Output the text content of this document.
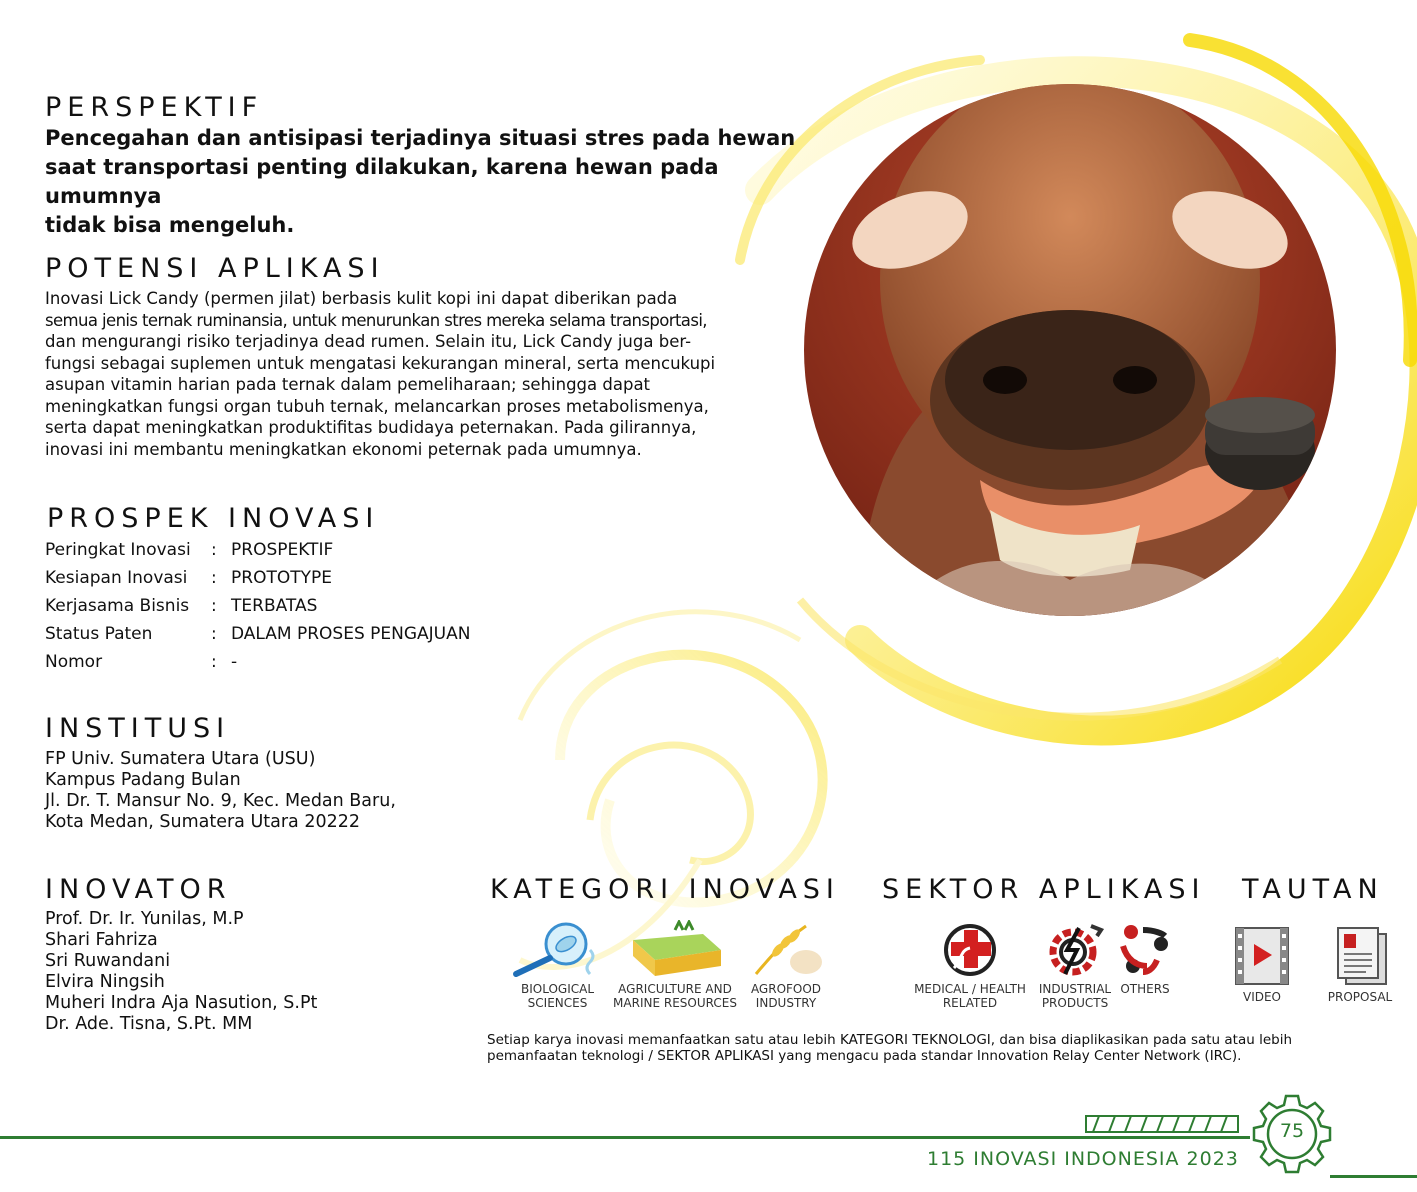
PERSPEKTIF
Pencegahan dan antisipasi terjadinya situasi stres pada hewan
saat transportasi penting dilakukan, karena hewan pada umumnya
tidak bisa mengeluh.
POTENSI APLIKASI
Inovasi Lick Candy (permen jilat) berbasis kulit kopi ini dapat diberikan pada
semua jenis ternak ruminansia, untuk menurunkan stres mereka selama transportasi,
dan mengurangi risiko terjadinya dead rumen. Selain itu, Lick Candy juga ber-
fungsi sebagai suplemen untuk mengatasi kekurangan mineral, serta mencukupi
asupan vitamin harian pada ternak dalam pemeliharaan; sehingga dapat
meningkatkan fungsi organ tubuh ternak, melancarkan proses metabolismenya,
serta dapat meningkatkan produktifitas budidaya peternakan. Pada gilirannya,
inovasi ini membantu meningkatkan ekonomi peternak pada umumnya.
PROSPEK INOVASI
Peringkat Inovasi	: PROSPEKTIF
Kesiapan Inovasi	: PROTOTYPE
Kerjasama Bisnis	: TERBATAS
Status Paten	: DALAM PROSES PENGAJUAN
Nomor	: -
INSTITUSI
FP Univ. Sumatera Utara (USU)
Kampus Padang Bulan
Jl. Dr. T. Mansur No. 9, Kec. Medan Baru,
Kota Medan, Sumatera Utara 20222
INOVATOR
Prof. Dr. Ir. Yunilas, M.P
Shari Fahriza
Sri Ruwandani
Elvira Ningsih
Muheri Indra Aja Nasution, S.Pt
Dr. Ade. Tisna, S.Pt. MM
KATEGORI INOVASI SEKTOR APLIKASI TAUTAN
BIOLOGICAL
SCIENCES
AGRICULTURE AND
MARINE RESOURCES
AGROFOOD
INDUSTRY
MEDICAL / HEALTH
RELATED
INDUSTRIAL
PRODUCTS
OTHERS
VIDEO	PROPOSAL
Setiap karya inovasi memanfaatkan satu atau lebih KATEGORI TEKNOLOGI, dan bisa diaplikasikan pada satu atau lebih
pemanfaatan teknologi / SEKTOR APLIKASI yang mengacu pada standar Innovation Relay Center Network (IRC).
75
115 INOVASI INDONESIA 2023
